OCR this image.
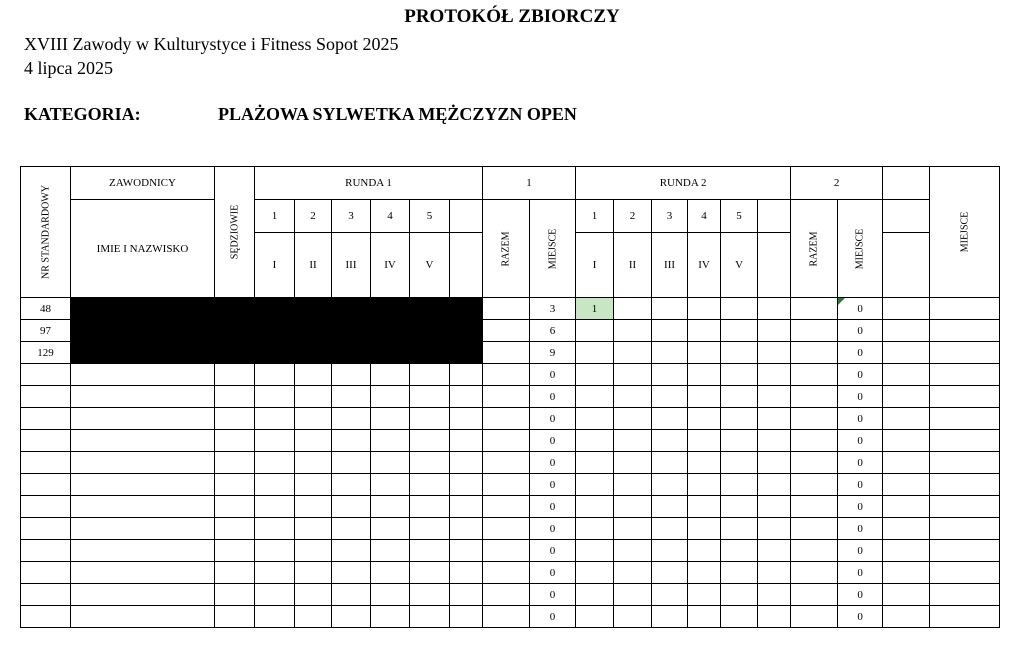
PROTOKÓŁ ZBIORCZY
XVIII Zawody w Kulturystyce i Fitness Sopot 2025
4 lipca 2025
KATEGORIA:	PLAŻOWA SYLWETKA MĘŻCZYZN OPEN
NR STANDARDOWY	ZAWODNICY	SĘDZIOWIE	RUNDA 1						1		RUNDA 2						2			MIEJSCE	

	IMIE I NAZWISKO		1	2	3	4	5		RAZEM	MIEJSCE	1	2	3	4	5		RAZEM	MIEJSCE			

			I	II	III	IV	V				I	II	III	IV	V						
48										3	1							0			
97										6								0			
129										9								0			
										0								0			
										0								0			
										0								0			
										0								0			
										0								0			
										0								0			
										0								0			
										0								0			
										0								0			
										0								0			
										0								0			
										0								0			
